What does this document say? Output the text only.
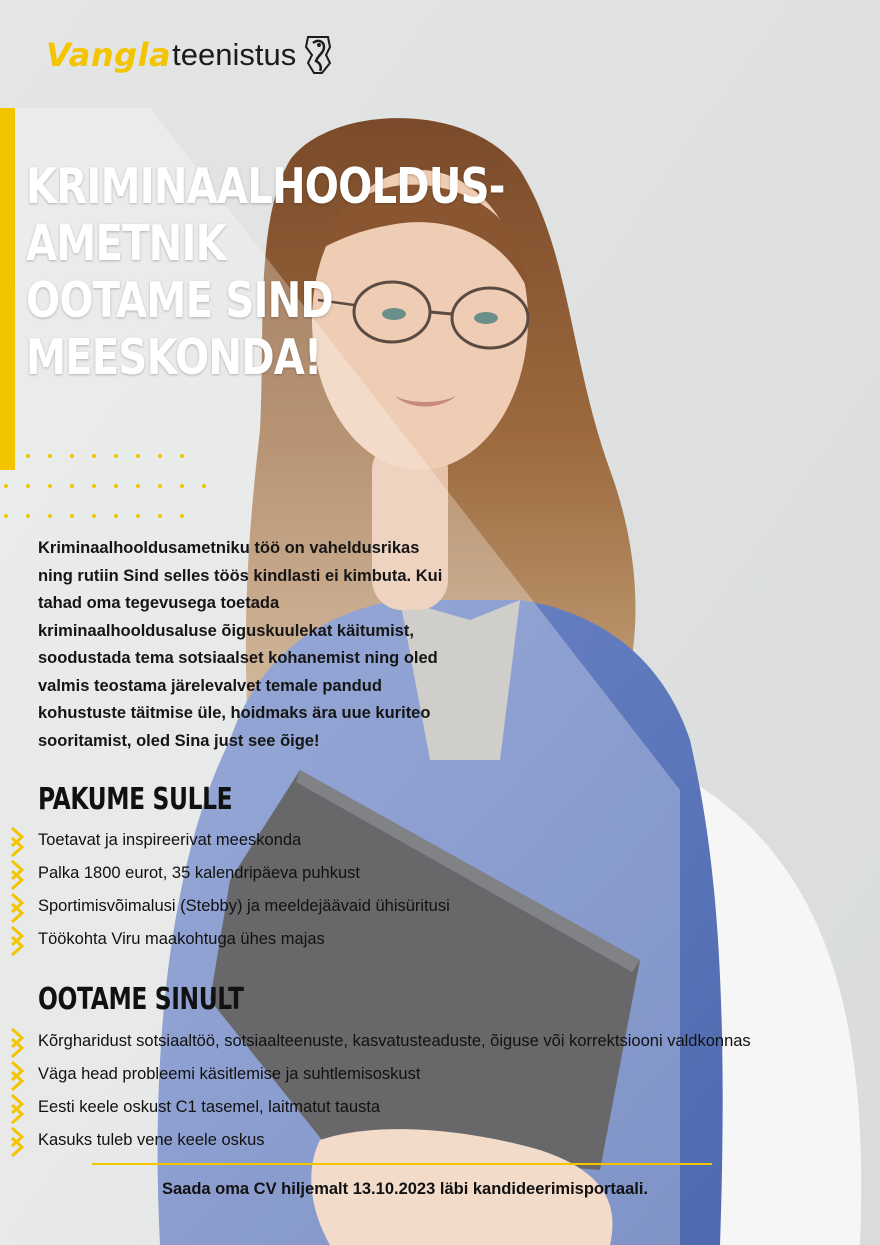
Vangla teenistus
KRIMINAALHOOLDUS-
AMETNIK
OOTAME SIND
MEESKONDA!
Kriminaalhooldusametniku töö on vaheldusrikas
ning rutiin Sind selles töös kindlasti ei kimbuta. Kui
tahad oma tegevusega toetada
kriminaalhooldusaluse õiguskuulekat käitumist,
soodustada tema sotsiaalset kohanemist ning oled
valmis teostama järelevalvet temale pandud
kohustuste täitmise üle, hoidmaks ära uue kuriteo
sooritamist, oled Sina just see õige!
PAKUME SULLE
Toetavat ja inspireerivat meeskonda
Palka 1800 eurot, 35 kalendripäeva puhkust
Sportimisvõimalusi (Stebby) ja meeldejäävaid ühisüritusi
Töökohta Viru maakohtuga ühes majas
OOTAME SINULT
Kõrgharidust sotsiaaltöö, sotsiaalteenuste, kasvatusteaduste, õiguse või korrektsiooni valdkonnas
Väga head probleemi käsitlemise ja suhtlemisoskust
Eesti keele oskust C1 tasemel, laitmatut tausta
Kasuks tuleb vene keele oskus
Saada oma CV hiljemalt 13.10.2023 läbi kandideerimisportaali.
